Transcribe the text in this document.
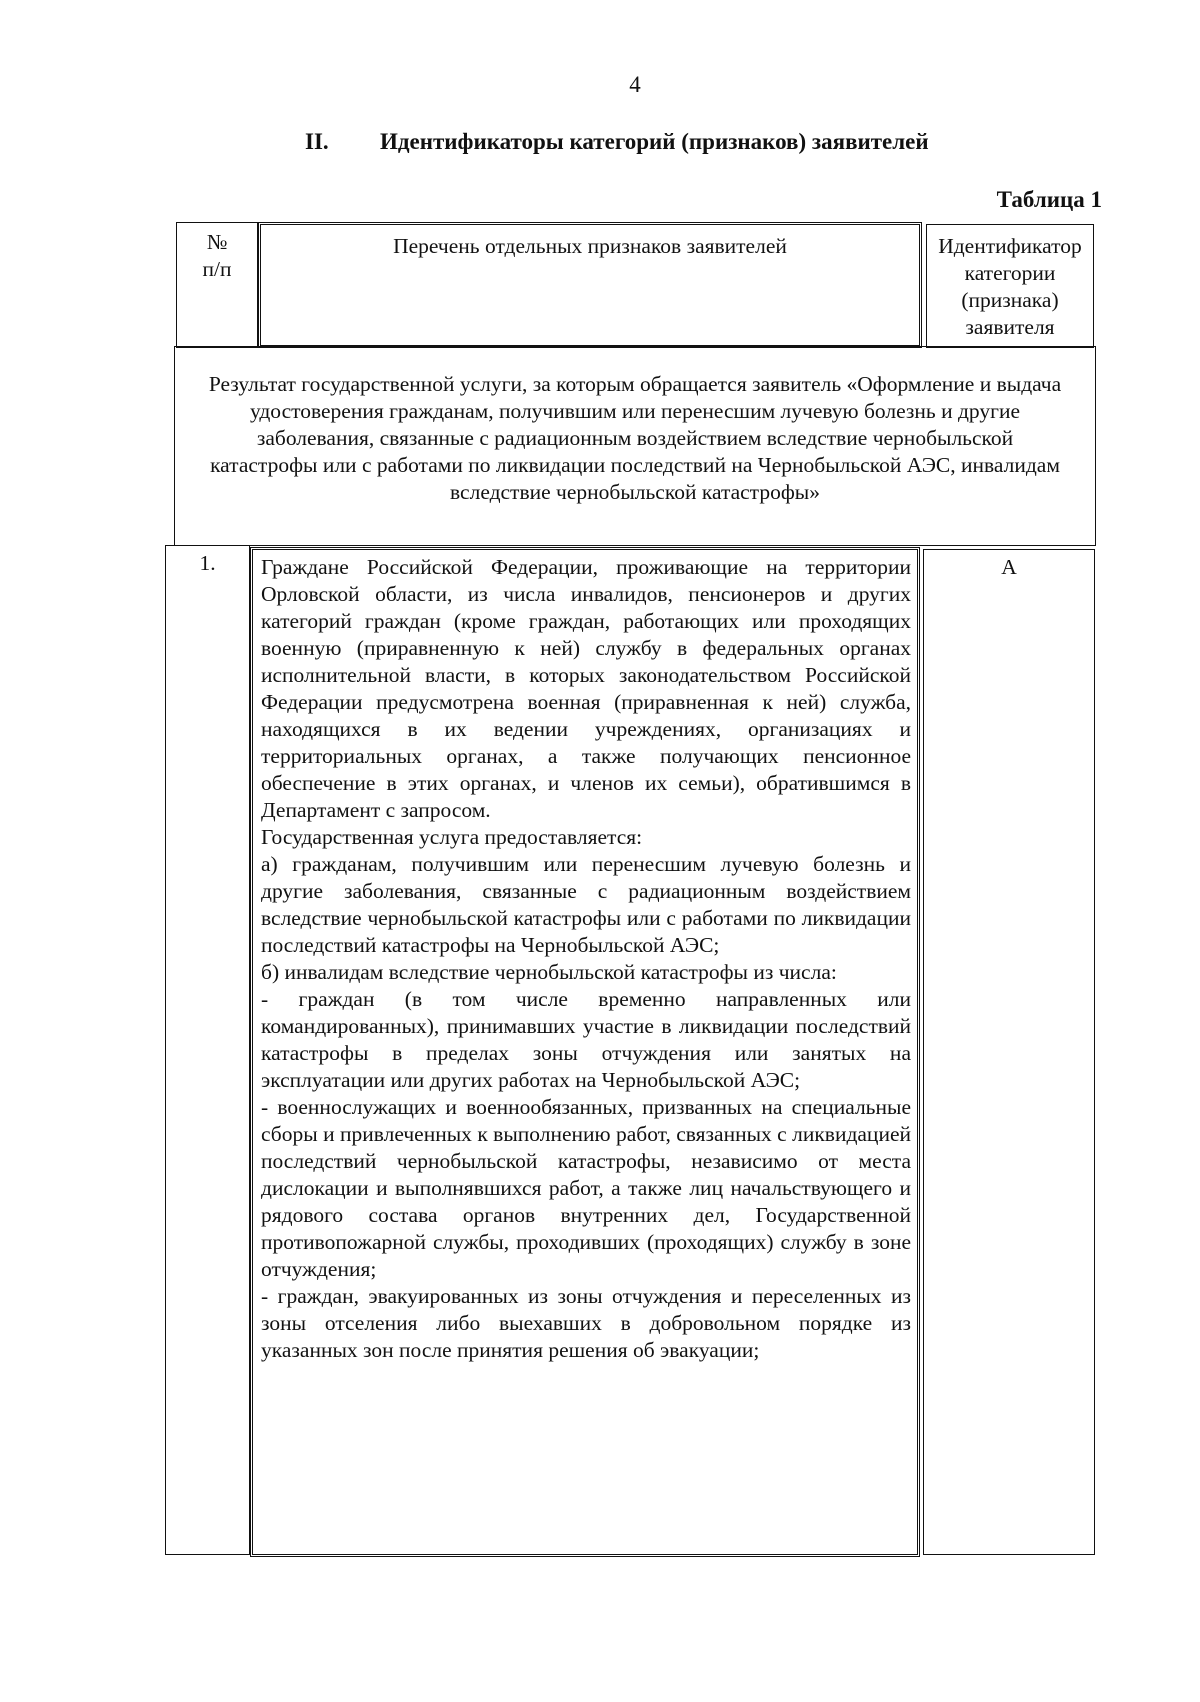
4
II. Идентификаторы категорий (признаков) заявителей
Таблица 1
№
п/п
Перечень отдельных признаков заявителей	Идентификатор категории (признака) заявителя
Результат государственной услуги, за которым обращается заявитель «Оформление и выдача удостоверения гражданам, получившим или перенесшим лучевую болезнь и другие заболевания, связанные с радиационным воздействием вследствие чернобыльской катастрофы или с работами по ликвидации последствий на Чернобыльской АЭС, инвалидам вследствие чернобыльской катастрофы»
1.	Граждане Российской Федерации, проживающие на территории Орловской области, из числа инвалидов, пенсионеров и других категорий граждан (кроме граждан, работающих или проходящих военную (приравненную к ней) службу в федеральных органах исполнительной власти, в которых законодательством Российской Федерации предусмотрена военная (приравненная к ней) служба, находящихся в их ведении учреждениях, организациях и территориальных органах, а также получающих пенсионное обеспечение в этих органах, и членов их семьи), обратившимся в Департамент с запросом.

Государственная услуга предоставляется:

а) гражданам, получившим или перенесшим лучевую болезнь и другие заболевания, связанные с радиационным воздействием вследствие чернобыльской катастрофы или с работами по ликвидации последствий катастрофы на Чернобыльской АЭС;

б) инвалидам вследствие чернобыльской катастрофы из числа:

- граждан (в том числе временно направленных или командированных), принимавших участие в ликвидации последствий катастрофы в пределах зоны отчуждения или занятых на эксплуатации или других работах на Чернобыльской АЭС;

- военнослужащих и военнообязанных, призванных на специальные сборы и привлеченных к выполнению работ, связанных с ликвидацией последствий чернобыльской катастрофы, независимо от места дислокации и выполнявшихся работ, а также лиц начальствующего и рядового состава органов внутренних дел, Государственной противопожарной службы, проходивших (проходящих) службу в зоне отчуждения;

- граждан, эвакуированных из зоны отчуждения и переселенных из зоны отселения либо выехавших в добровольном порядке из указанных зон после принятия решения об эвакуации;

А
